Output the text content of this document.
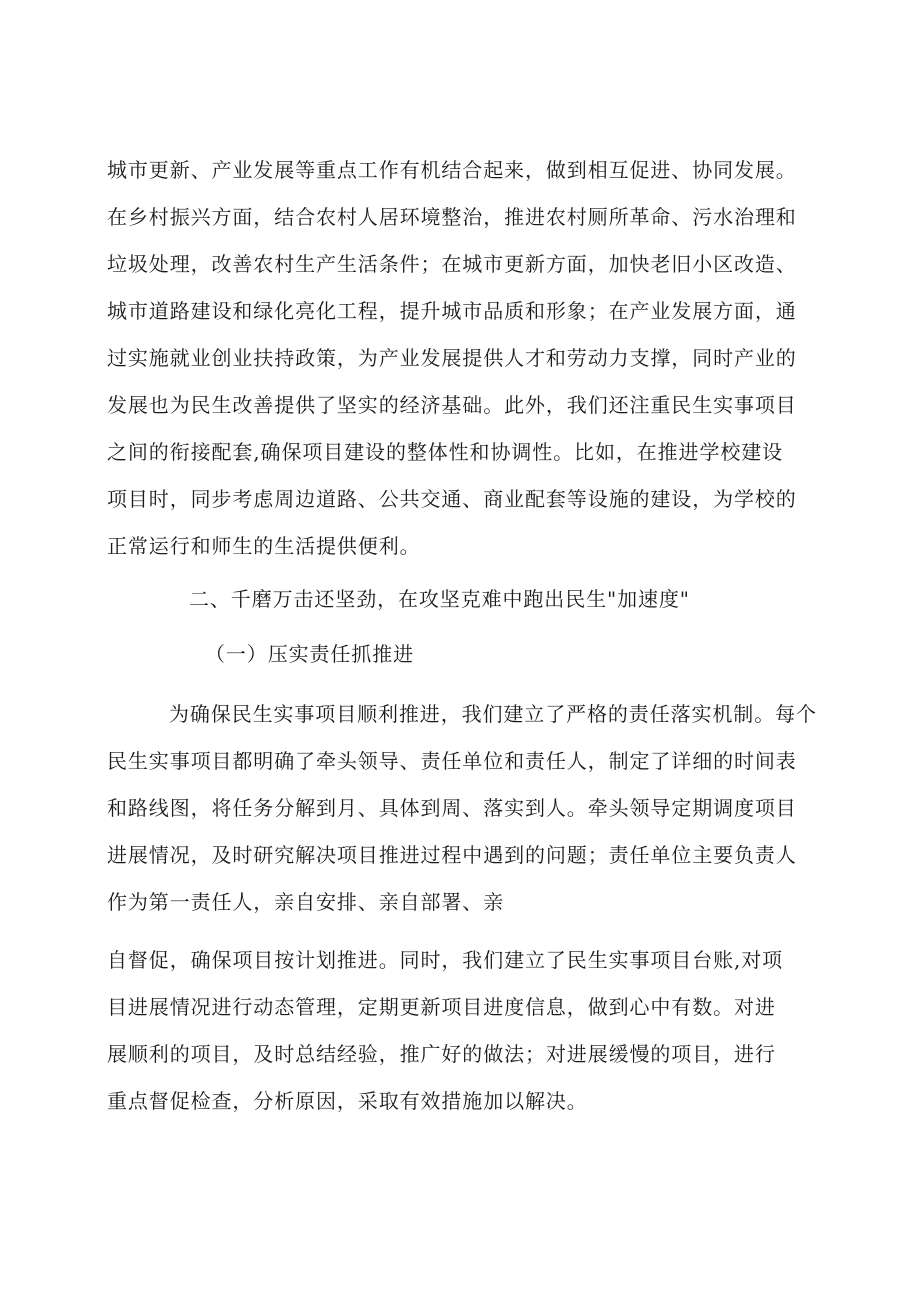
城市更新、产业发展等重点工作有机结合起来，做到相互促进、协同发展。
在乡村振兴方面，结合农村人居环境整治，推进农村厕所革命、污水治理和
垃圾处理，改善农村生产生活条件；在城市更新方面，加快老旧小区改造、
城市道路建设和绿化亮化工程，提升城市品质和形象；在产业发展方面，通
过实施就业创业扶持政策，为产业发展提供人才和劳动力支撑，同时产业的
发展也为民生改善提供了坚实的经济基础。此外，我们还注重民生实事项目
之间的衔接配套,确保项目建设的整体性和协调性。比如，在推进学校建设
项目时，同步考虑周边道路、公共交通、商业配套等设施的建设，为学校的
正常运行和师生的生活提供便利。
二、千磨万击还坚劲，在攻坚克难中跑出民生"加速度"
（一）压实责任抓推进
为确保民生实事项目顺利推进，我们建立了严格的责任落实机制。每个
民生实事项目都明确了牵头领导、责任单位和责任人，制定了详细的时间表
和路线图，将任务分解到月、具体到周、落实到人。牵头领导定期调度项目
进展情况，及时研究解决项目推进过程中遇到的问题；责任单位主要负责人
作为第一责任人，亲自安排、亲自部署、亲
自督促，确保项目按计划推进。同时，我们建立了民生实事项目台账,对项
目进展情况进行动态管理，定期更新项目进度信息，做到心中有数。对进
展顺利的项目，及时总结经验，推广好的做法；对进展缓慢的项目，进行
重点督促检查，分析原因，采取有效措施加以解决。
